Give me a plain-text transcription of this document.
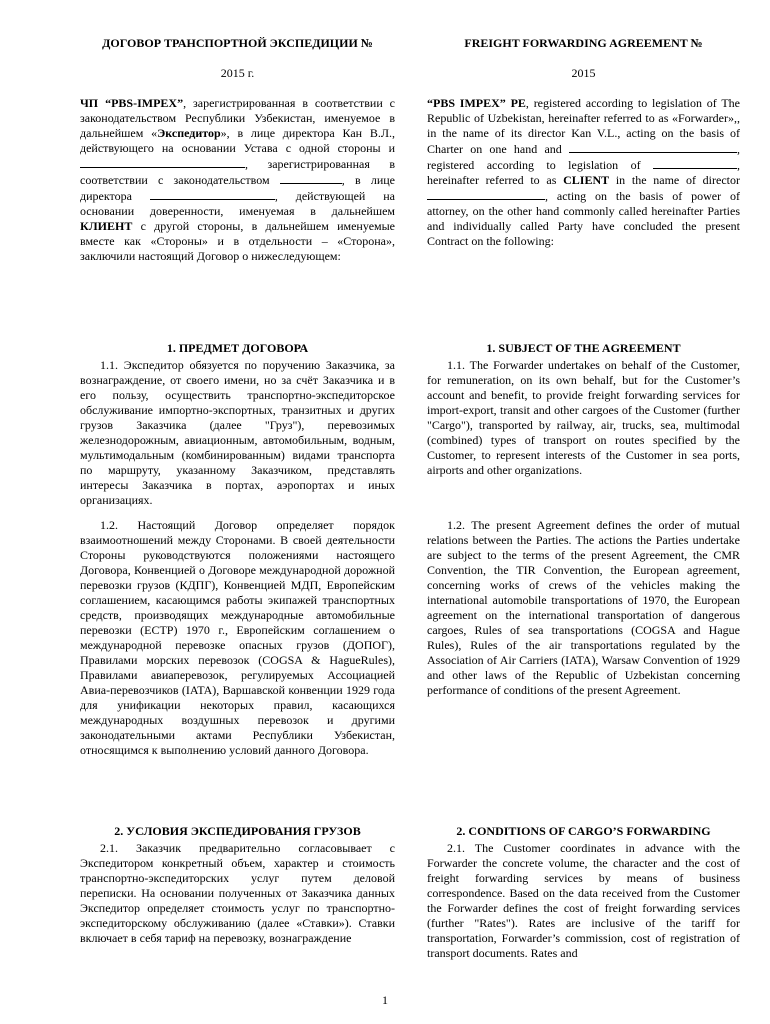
ДОГОВОР ТРАНСПОРТНОЙ ЭКСПЕДИЦИИ №

2015 г.

ЧП “PBS-IMPEX”, зарегистрированная в соответствии с законодательством Республики Узбекистан, именуемое в дальнейшем «Экспедитор», в лице директора Кан В.Л., действующего на основании Устава с одной стороны и , зарегистрированная в соответствии с законодательством	, в лице директора	, действующей на основании доверенности, именуемая в дальнейшем КЛИЕНТ с другой стороны, в дальнейшем именуемые вместе как «Стороны» и в отдельности – «Сторона», заключили настоящий Договор о нижеследующем:

1. ПРЕДМЕТ ДОГОВОРА

1.1. Экспедитор обязуется по поручению Заказчика, за вознаграждение, от своего имени, но за счёт Заказчика и в его пользу, осуществить транспортно-экспедиторское обслуживание импортно-экспортных, транзитных и других грузов Заказчика (далее "Груз"), перевозимых железнодорожным, авиационным, автомобильным, водным, мультимодальным (комбинированным) видами транспорта по маршруту, указанному Заказчиком, представлять интересы Заказчика в портах, аэропортах и иных организациях.

1.2. Настоящий Договор определяет порядок взаимоотношений между Сторонами. В своей деятельности Стороны руководствуются положениями настоящего Договора, Конвенцией о Договоре международной дорожной перевозки грузов (КДПГ), Конвенцией МДП, Европейским соглашением, касающимся работы экипажей транспортных средств, производящих международные автомобильные перевозки (ЕСТР) 1970 г., Европейским соглашением о международной перевозке опасных грузов (ДОПОГ), Правилами морских перевозок (COGSA & HagueRules), Правилами авиаперевозок, регулируемых Ассоциацией Авиа-перевозчиков (IATA), Варшавской конвенции 1929 года для унификации некоторых правил, касающихся международных воздушных перевозок и другими законодательными актами Республики Узбекистан, относящимся к выполнению условий данного Договора.

2. УСЛОВИЯ ЭКСПЕДИРОВАНИЯ ГРУЗОВ

2.1. Заказчик предварительно согласовывает с Экспедитором конкретный объем, характер и стоимость транспортно-экспедиторских услуг путем деловой переписки. На основании полученных от Заказчика данных Экспедитор определяет стоимость услуг по транспортно-экспедиторскому обслуживанию (далее «Ставки»). Ставки включает в себя тариф на перевозку, вознаграждение

FREIGHT FORWARDING AGREEMENT №

2015

“PBS IMPEX” PE, registered according to legislation of The Republic of Uzbekistan, hereinafter referred to as «Forwarder»,, in the name of its director Kan V.L., acting on the basis of Charter on one hand and	, registered according to legislation of	, hereinafter referred to as CLIENT in the name of director , acting on the basis of power of attorney, on the other hand commonly called hereinafter Parties and individually called Party have concluded the present Contract on the following:

1. SUBJECT OF THE AGREEMENT

1.1. The Forwarder undertakes on behalf of the Customer, for remuneration, on its own behalf, but for the Customer’s account and benefit, to provide freight forwarding services for import-export, transit and other cargoes of the Customer (further "Cargo"), transported by railway, air, trucks, sea, multimodal (combined) types of transport on routes specified by the Customer, to represent interests of the Customer in sea ports, airports and other organizations.

1.2. The present Agreement defines the order of mutual relations between the Parties. The actions the Parties undertake are subject to the terms of the present Agreement, the CMR Convention, the TIR Convention, the European agreement, concerning works of crews of the vehicles making the international automobile transportations of 1970, the European agreement on the international transportation of dangerous cargoes, Rules of sea transportations (COGSA and Hague Rules), Rules of the air transportations regulated by the Association of Air Carriers (IATA), Warsaw Convention of 1929 and other laws of the Republic of Uzbekistan concerning performance of conditions of the present Agreement.

2. CONDITIONS OF CARGO’S FORWARDING

2.1. The Customer coordinates in advance with the Forwarder the concrete volume, the character and the cost of freight forwarding services by means of business correspondence. Based on the data received from the Customer the Forwarder defines the cost of freight forwarding services (further "Rates"). Rates are inclusive of the tariff for transportation, Forwarder’s commission, cost of registration of transport documents. Rates and

1
